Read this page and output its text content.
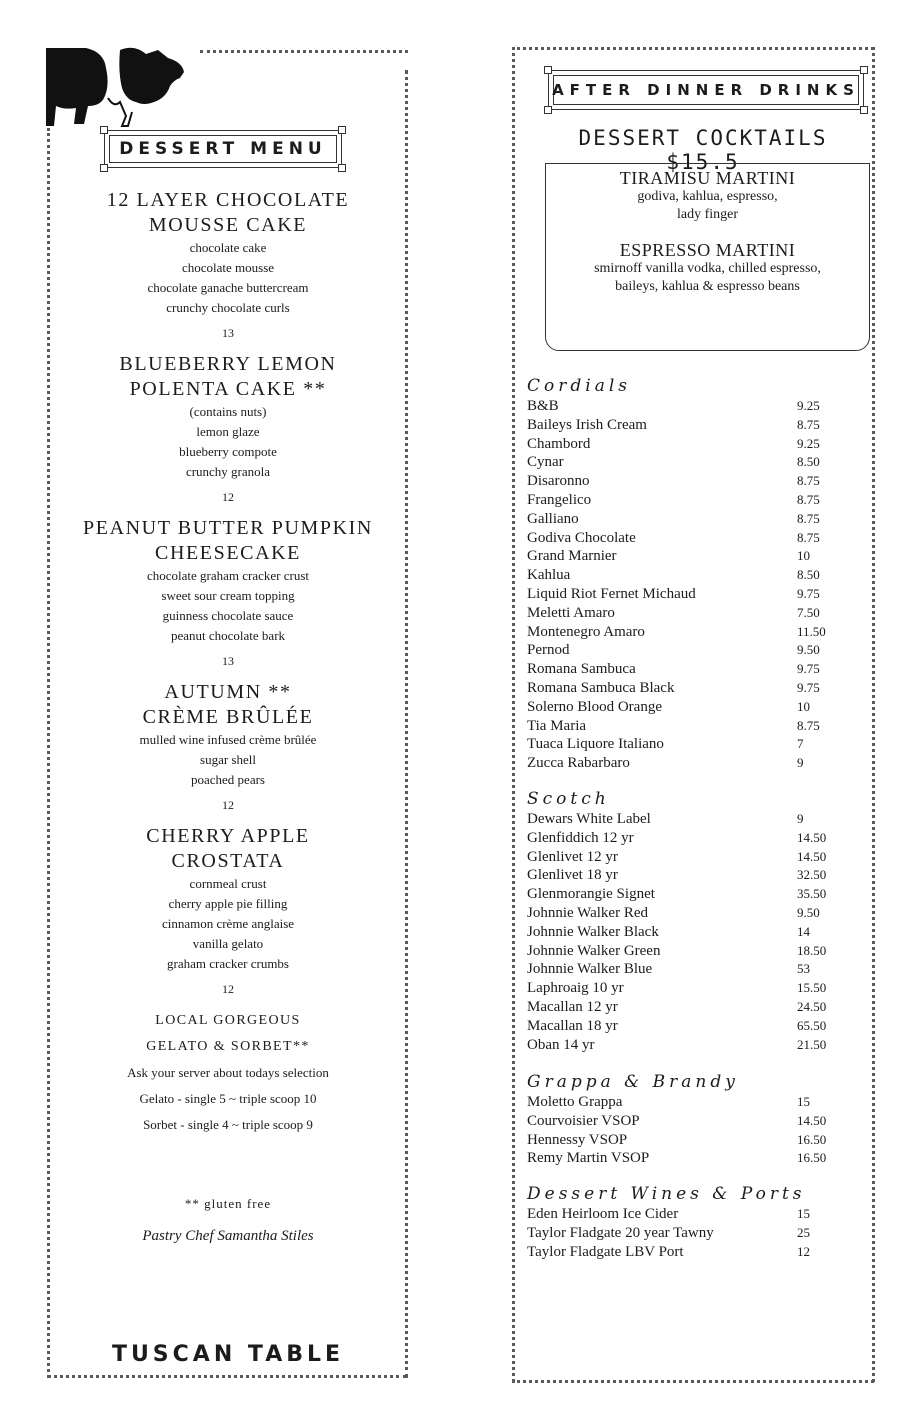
DESSERT MENU
12 LAYER CHOCOLATE MOUSSE CAKE
chocolate cake
chocolate mousse
chocolate ganache buttercream
crunchy chocolate curls
13
BLUEBERRY LEMON POLENTA CAKE **
(contains nuts)
lemon glaze
blueberry compote
crunchy granola
12
PEANUT BUTTER PUMPKIN CHEESECAKE
chocolate graham cracker crust
sweet sour cream topping
guinness chocolate sauce
peanut chocolate bark
13
AUTUMN ** CRÈME BRÛLÉE
mulled wine infused crème brûlée
sugar shell
poached pears
12
CHERRY APPLE CROSTATA
cornmeal crust
cherry apple pie filling
cinnamon crème anglaise
vanilla gelato
graham cracker crumbs
12
LOCAL GORGEOUS
GELATO & SORBET**
Ask your server about todays selection
Gelato - single 5 ~ triple scoop 10
Sorbet - single 4 ~ triple scoop 9
** gluten free
Pastry Chef Samantha Stiles
TUSCAN TABLE
AFTER DINNER DRINKS
DESSERT COCKTAILS $15.5
TIRAMISU MARTINI
godiva, kahlua, espresso,
lady finger
ESPRESSO MARTINI
smirnoff vanilla vodka, chilled espresso,
baileys, kahlua & espresso beans
Cordials
B&B	9.25
Baileys Irish Cream	8.75
Chambord	9.25
Cynar	8.50
Disaronno	8.75
Frangelico	8.75
Galliano	8.75
Godiva Chocolate	8.75
Grand Marnier	10
Kahlua	8.50
Liquid Riot Fernet Michaud	9.75
Meletti Amaro	7.50
Montenegro Amaro	11.50
Pernod	9.50
Romana Sambuca	9.75
Romana Sambuca Black	9.75
Solerno Blood Orange	10
Tia Maria	8.75
Tuaca Liquore Italiano	7
Zucca Rabarbaro	9
Scotch
Dewars White Label	9
Glenfiddich 12 yr	14.50
Glenlivet 12 yr	14.50
Glenlivet 18 yr	32.50
Glenmorangie Signet	35.50
Johnnie Walker Red	9.50
Johnnie Walker Black	14
Johnnie Walker Green	18.50
Johnnie Walker Blue	53
Laphroaig 10 yr	15.50
Macallan 12 yr	24.50
Macallan 18 yr	65.50
Oban 14 yr	21.50
Grappa & Brandy
Moletto Grappa	15
Courvoisier VSOP	14.50
Hennessy VSOP	16.50
Remy Martin VSOP	16.50
Dessert Wines & Ports
Eden Heirloom Ice Cider	15
Taylor Fladgate 20 year Tawny	25
Taylor Fladgate LBV Port	12
